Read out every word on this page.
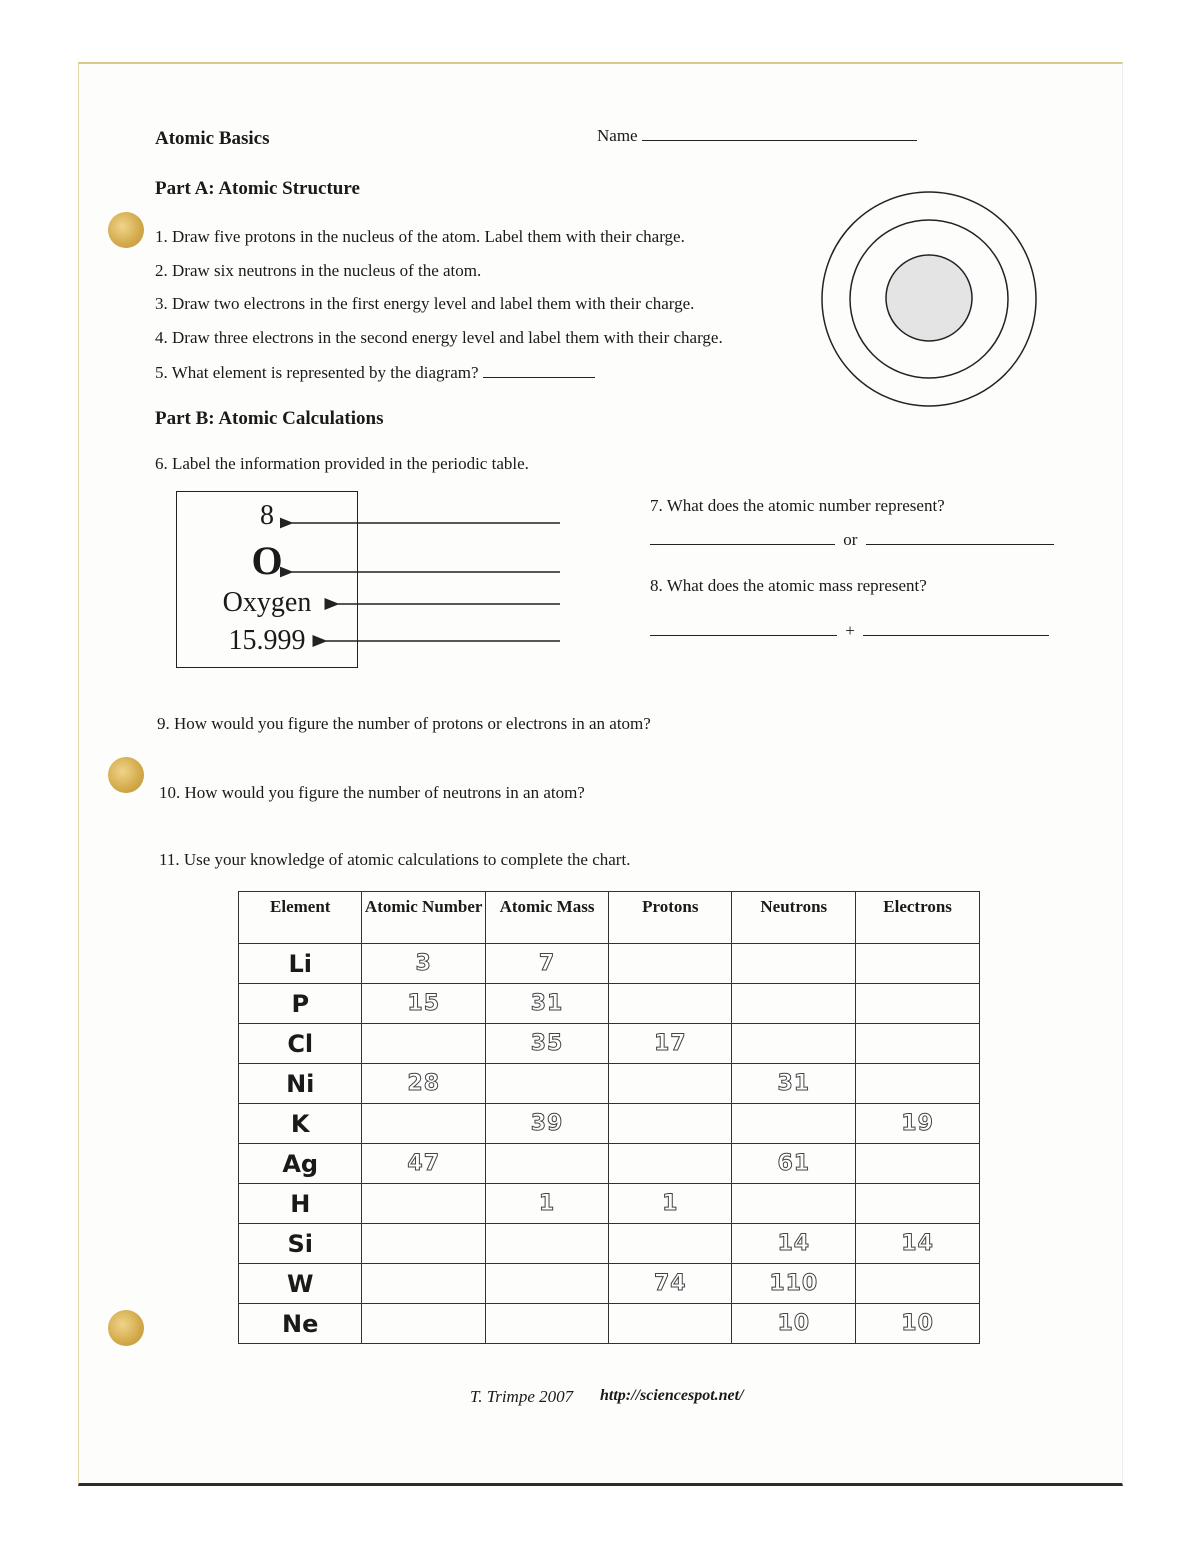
Atomic Basics	Name
Part A: Atomic Structure
1. Draw five protons in the nucleus of the atom. Label them with their charge.
2. Draw six neutrons in the nucleus of the atom.
3. Draw two electrons in the first energy level and label them with their charge.
4. Draw three electrons in the second energy level and label them with their charge.
5. What element is represented by the diagram?
Part B: Atomic Calculations
6. Label the information provided in the periodic table.
8
O
Oxygen
15.999
7. What does the atomic number represent?
or
8. What does the atomic mass represent?
+
9. How would you figure the number of protons or electrons in an atom?
10. How would you figure the number of neutrons in an atom?
11. Use your knowledge of atomic calculations to complete the chart.
Element	Atomic Number	Atomic Mass	Protons	Neutrons	Electrons
Li	3	7			
P	15	31			
Cl		35	17		
Ni	28			31	
K		39			19
Ag	47			61	
H		1	1		
Si				14	14
W			74	110	
Ne				10	10
T. Trimpe 2007 http://sciencespot.net/
